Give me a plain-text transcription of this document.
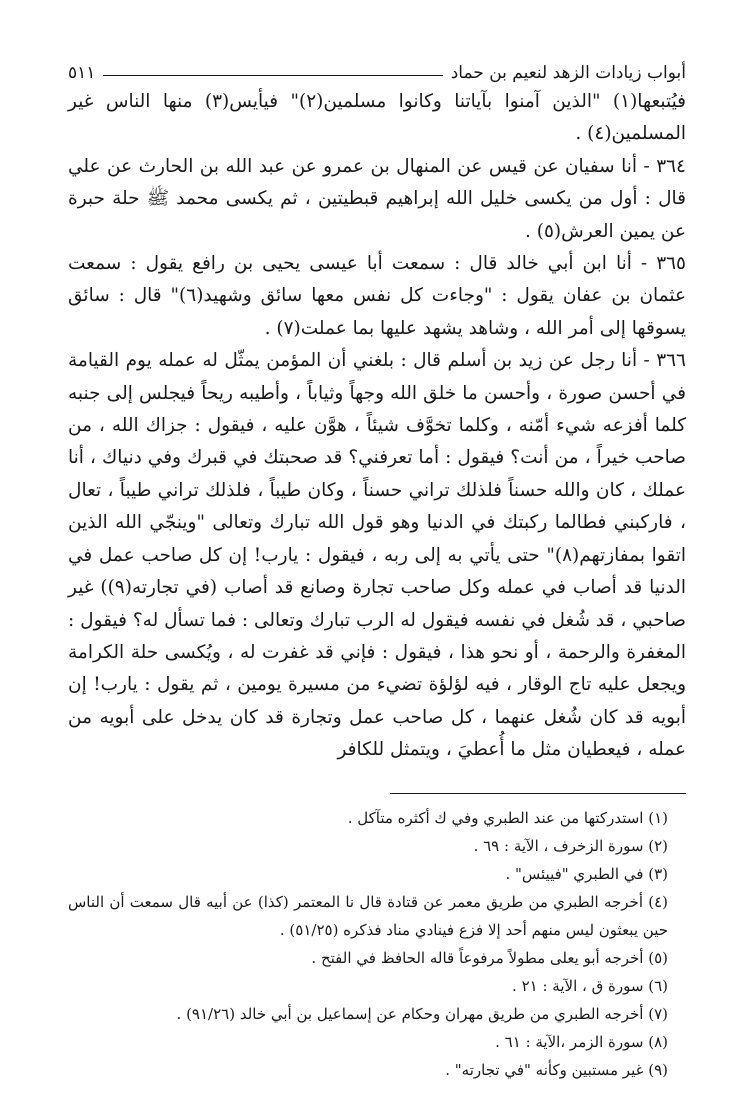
أبواب زيادات الزهد لنعيم بن حماد
٥١١

فيُتبعها(١) "الذين آمنوا بآياتنا وكانوا مسلمين(٢)" فيأيس(٣) منها الناس غير المسلمين(٤) .

٣٦٤ - أنا سفيان عن قيس عن المنهال بن عمرو عن عبد الله بن الحارث عن علي قال : أول من يكسى خليل الله إبراهيم قبطيتين ، ثم يكسى محمد ﷺ حلة حبرة عن يمين العرش(٥) .

٣٦٥ - أنا ابن أبي خالد قال : سمعت أبا عيسى يحيى بن رافع يقول : سمعت عثمان بن عفان يقول : "وجاءت كل نفس معها سائق وشهيد(٦)" قال : سائق يسوقها إلى أمر الله ، وشاهد يشهد عليها بما عملت(٧) .

٣٦٦ - أنا رجل عن زيد بن أسلم قال : بلغني أن المؤمن يمثّل له عمله يوم القيامة في أحسن صورة ، وأحسن ما خلق الله وجهاً وثياباً ، وأطيبه ريحاً فيجلس إلى جنبه كلما أفزعه شيء أمّنه ، وكلما تخوَّف شيئاً ، هوَّن عليه ، فيقول : جزاك الله ، من صاحب خيراً ، من أنت؟ فيقول : أما تعرفني؟ قد صحبتك في قبرك وفي دنياك ، أنا عملك ، كان والله حسناً فلذلك تراني حسناً ، وكان طيباً ، فلذلك تراني طيباً ، تعال ، فاركبني فطالما ركبتك في الدنيا وهو قول الله تبارك وتعالى "وينجّي الله الذين اتقوا بمفازتهم(٨)" حتى يأتي به إلى ربه ، فيقول : يارب! إن كل صاحب عمل في الدنيا قد أصاب في عمله وكل صاحب تجارة وصانع قد أصاب (في تجارته(٩)) غير صاحبي ، قد شُغل في نفسه فيقول له الرب تبارك وتعالى : فما تسأل له؟ فيقول : المغفرة والرحمة ، أو نحو هذا ، فيقول : فإني قد غفرت له ، ويُكسى حلة الكرامة ويجعل عليه تاج الوقار ، فيه لؤلؤة تضيء من مسيرة يومين ، ثم يقول : يارب! إن أبويه قد كان شُغل عنهما ، كل صاحب عمل وتجارة قد كان يدخل على أبويه من عمله ، فيعطيان مثل ما أُعطيَ ، ويتمثل للكافر

(١) استدركتها من عند الطبري وفي ك أكثره متآكل .

(٢) سورة الزخرف ، الآية : ٦٩ .

(٣) في الطبري "فييئس" .

(٤) أخرجه الطبري من طريق معمر عن قتادة قال نا المعتمر (كذا) عن أبيه قال سمعت أن الناس حين يبعثون ليس منهم أحد إلا فزع فينادي مناد فذكره (٥١/٢٥) .

(٥) أخرجه أبو يعلى مطولاً مرفوعاً قاله الحافظ في الفتح .

(٦) سورة ق ، الآية : ٢١ .

(٧) أخرجه الطبري من طريق مهران وحكام عن إسماعيل بن أبي خالد (٩١/٢٦) .

(٨) سورة الزمر ،الآية : ٦١ .

(٩) غير مستبين وكأنه "في تجارته" .
